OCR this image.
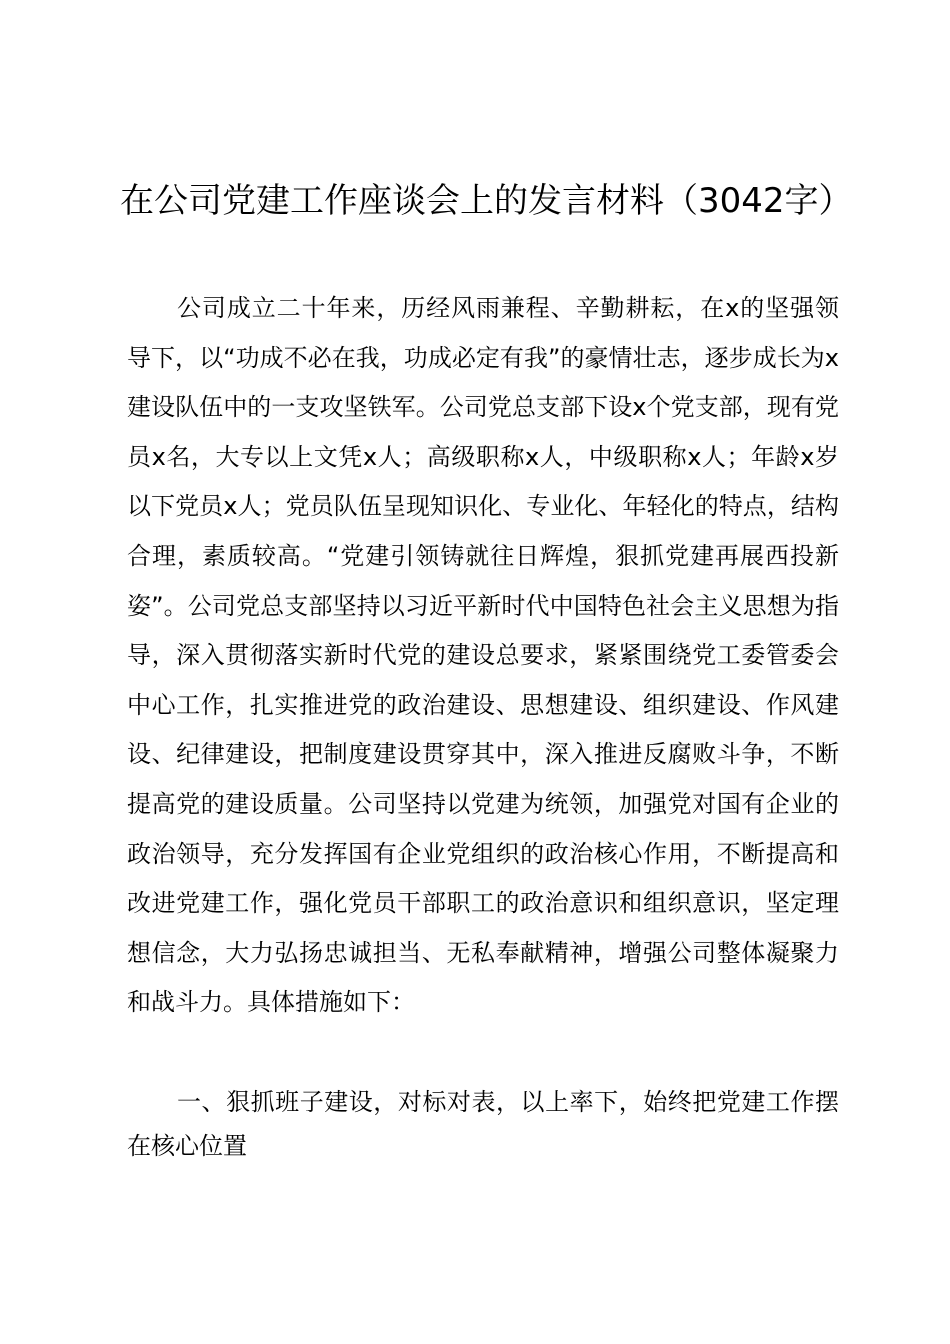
在公司党建工作座谈会上的发言材料（3042字）

公司成立二十年来，历经风雨兼程、辛勤耕耘，在x的坚强领导下，以“功成不必在我，功成必定有我”的豪情壮志，逐步成长为x建设队伍中的一支攻坚铁军。公司党总支部下设x个党支部，现有党员x名，大专以上文凭x人；高级职称x人，中级职称x人；年龄x岁以下党员x人；党员队伍呈现知识化、专业化、年轻化的特点，结构合理，素质较高。“党建引领铸就往日辉煌，狠抓党建再展西投新姿”。公司党总支部坚持以习近平新时代中国特色社会主义思想为指导，深入贯彻落实新时代党的建设总要求，紧紧围绕党工委管委会中心工作，扎实推进党的政治建设、思想建设、组织建设、作风建设、纪律建设，把制度建设贯穿其中，深入推进反腐败斗争，不断提高党的建设质量。公司坚持以党建为统领，加强党对国有企业的政治领导，充分发挥国有企业党组织的政治核心作用，不断提高和改进党建工作，强化党员干部职工的政治意识和组织意识，坚定理想信念，大力弘扬忠诚担当、无私奉献精神，增强公司整体凝聚力和战斗力。具体措施如下：

一、狠抓班子建设，对标对表，以上率下，始终把党建工作摆在核心位置
